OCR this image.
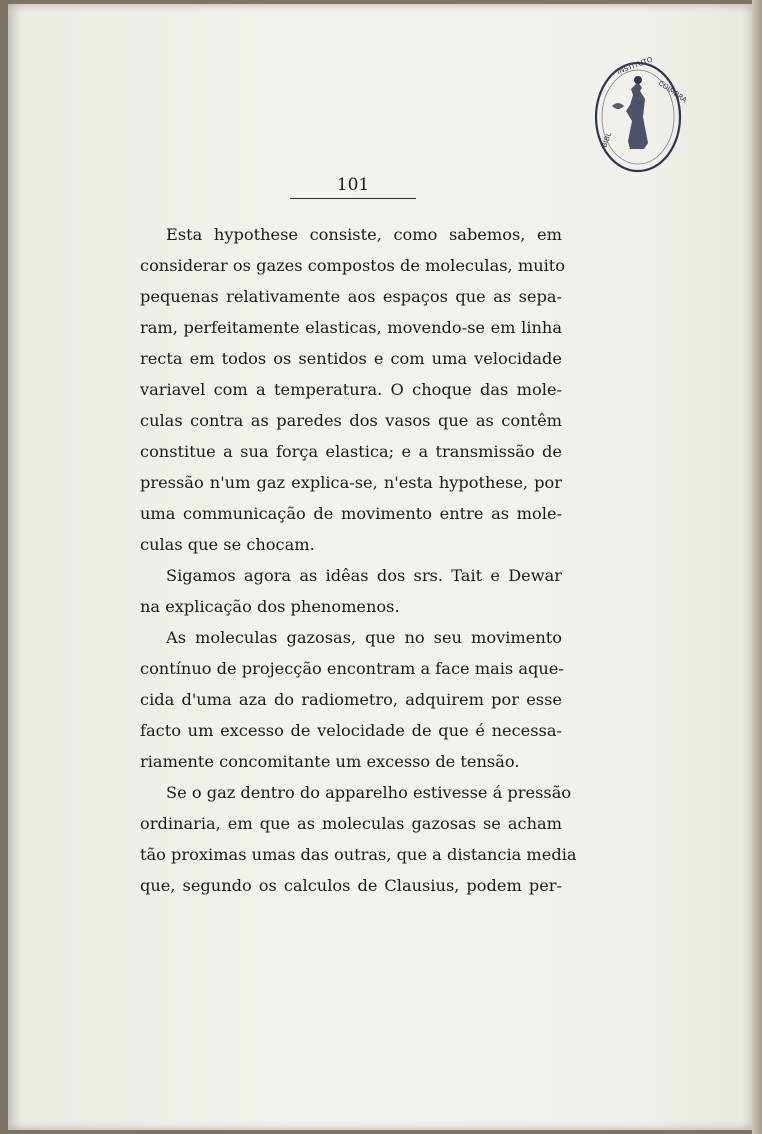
101
COIMBRA
INSTITUTO
BIBL
Esta hypothese consiste, como sabemos, em
considerar os gazes compostos de moleculas, muito
pequenas relativamente aos espaços que as sepa-
ram, perfeitamente elasticas, movendo-se em linha
recta em todos os sentidos e com uma velocidade
variavel com a temperatura. O choque das mole-
culas contra as paredes dos vasos que as contêm
constitue a sua força elastica; e a transmissão de
pressão n'um gaz explica-se, n'esta hypothese, por
uma communicação de movimento entre as mole-
culas que se chocam.
Sigamos agora as idêas dos srs. Tait e Dewar
na explicação dos phenomenos.
As moleculas gazosas, que no seu movimento
contínuo de projecção encontram a face mais aque-
cida d'uma aza do radiometro, adquirem por esse
facto um excesso de velocidade de que é necessa-
riamente concomitante um excesso de tensão.
Se o gaz dentro do apparelho estivesse á pressão
ordinaria, em que as moleculas gazosas se acham
tão proximas umas das outras, que a distancia media
que, segundo os calculos de Clausius, podem per-
